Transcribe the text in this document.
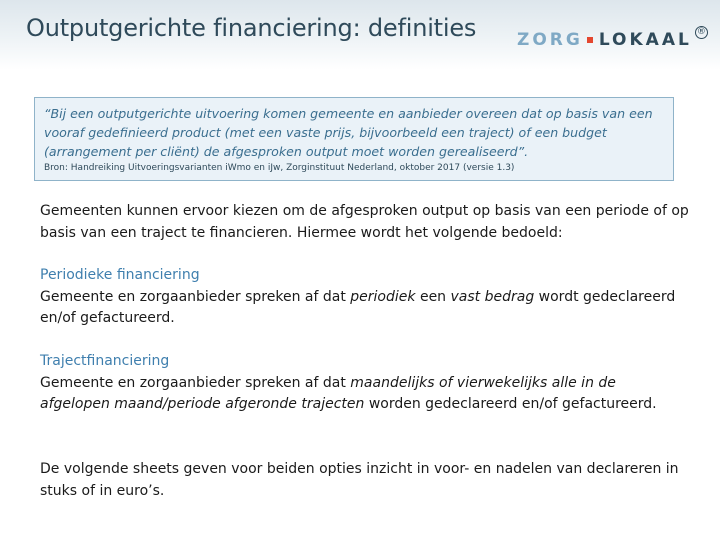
Outputgerichte financiering: definities ZORG LOKAAL ®

“Bij een outputgerichte uitvoering komen gemeente en aanbieder overeen dat op basis van een vooraf gedefinieerd product (met een vaste prijs, bijvoorbeeld een traject) of een budget (arrangement per cliënt) de afgesproken output moet worden gerealiseerd”.

Bron: Handreiking Uitvoeringsvarianten iWmo en iJw, Zorginstituut Nederland, oktober 2017 (versie 1.3)

Gemeenten kunnen ervoor kiezen om de afgesproken output op basis van een periode of op basis van een traject te financieren. Hiermee wordt het volgende bedoeld:

Periodieke financiering
Gemeente en zorgaanbieder spreken af dat periodiek een vast bedrag wordt gedeclareerd en/of gefactureerd.

Trajectfinanciering
Gemeente en zorgaanbieder spreken af dat maandelijks of vierwekelijks alle in de afgelopen maand/periode afgeronde trajecten worden gedeclareerd en/of gefactureerd.

De volgende sheets geven voor beiden opties inzicht in voor- en nadelen van declareren in stuks of in euro’s.
